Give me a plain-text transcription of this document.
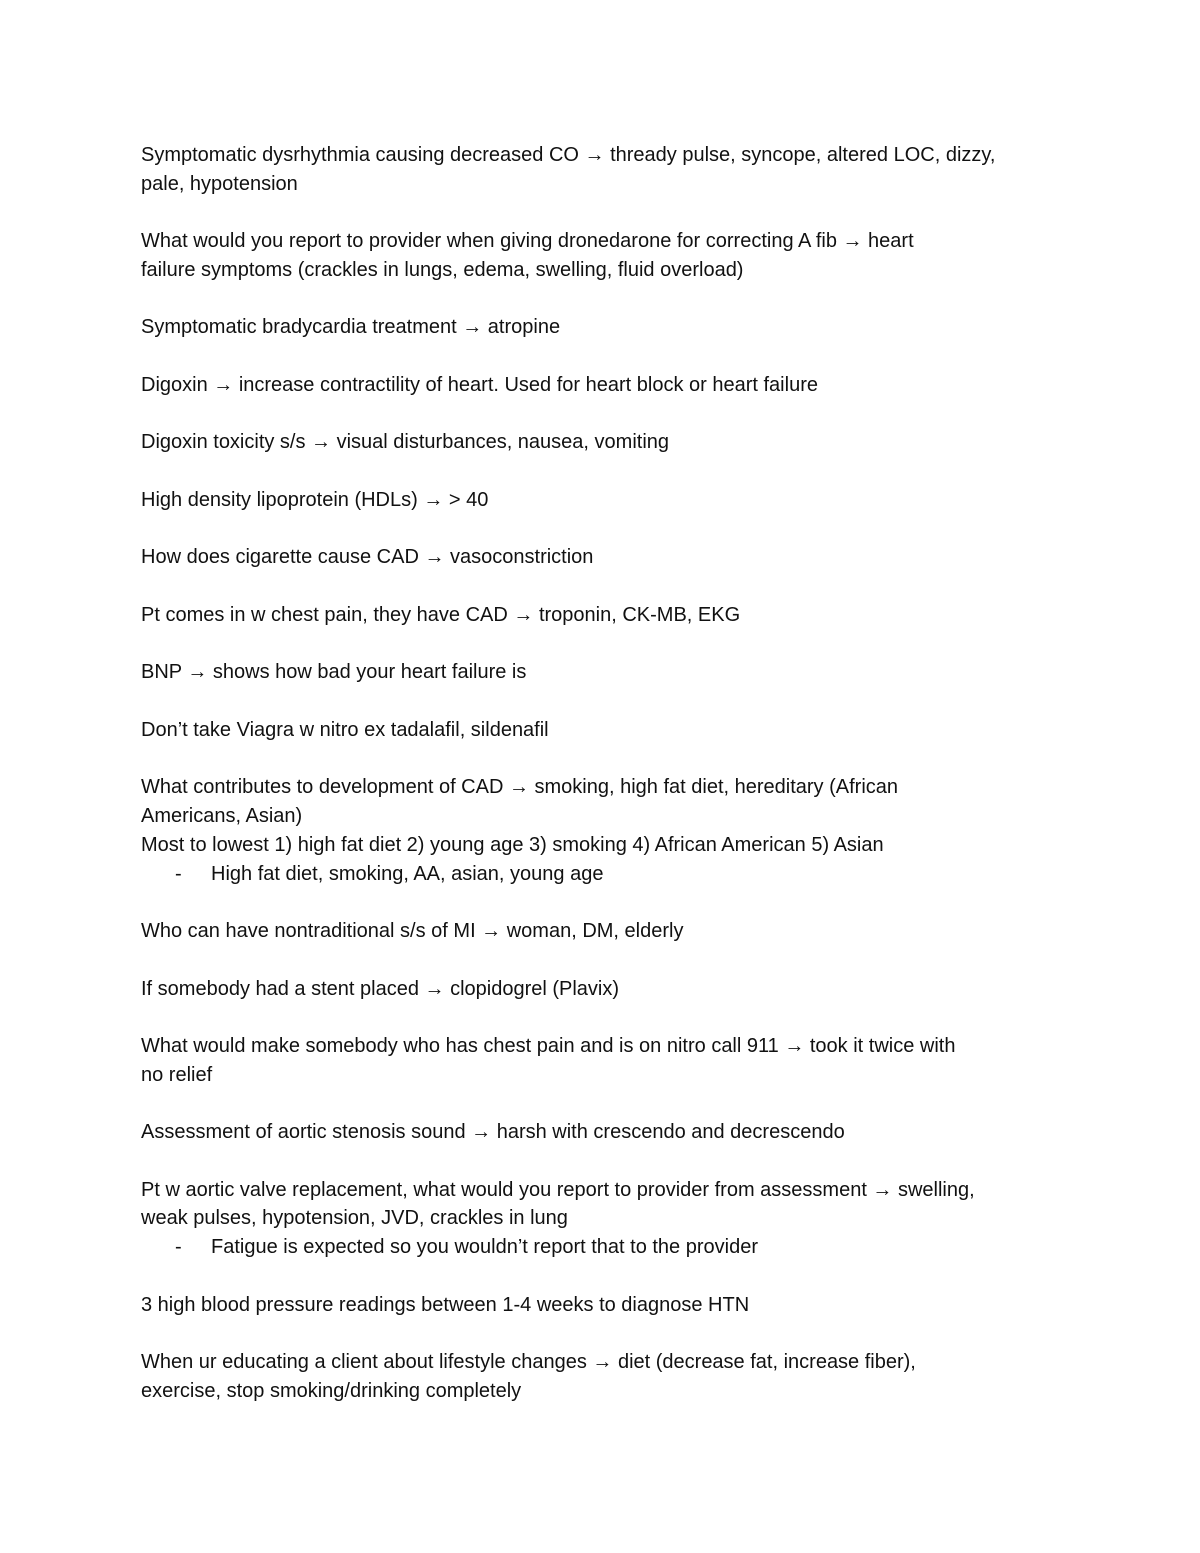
Symptomatic dysrhythmia causing decreased CO → thready pulse, syncope, altered LOC, dizzy,
pale, hypotension
What would you report to provider when giving dronedarone for correcting A fib → heart
failure symptoms (crackles in lungs, edema, swelling, fluid overload)
Symptomatic bradycardia treatment → atropine
Digoxin → increase contractility of heart. Used for heart block or heart failure
Digoxin toxicity s/s → visual disturbances, nausea, vomiting
High density lipoprotein (HDLs) → > 40
How does cigarette cause CAD → vasoconstriction
Pt comes in w chest pain, they have CAD → troponin, CK-MB, EKG
BNP → shows how bad your heart failure is
Don’t take Viagra w nitro ex tadalafil, sildenafil
What contributes to development of CAD → smoking, high fat diet, hereditary (African
Americans, Asian)
Most to lowest 1) high fat diet 2) young age 3) smoking 4) African American 5) Asian
- High fat diet, smoking, AA, asian, young age
Who can have nontraditional s/s of MI → woman, DM, elderly
If somebody had a stent placed → clopidogrel (Plavix)
What would make somebody who has chest pain and is on nitro call 911 → took it twice with
no relief
Assessment of aortic stenosis sound → harsh with crescendo and decrescendo
Pt w aortic valve replacement, what would you report to provider from assessment → swelling,
weak pulses, hypotension, JVD, crackles in lung
- Fatigue is expected so you wouldn’t report that to the provider
3 high blood pressure readings between 1-4 weeks to diagnose HTN
When ur educating a client about lifestyle changes → diet (decrease fat, increase fiber),
exercise, stop smoking/drinking completely
